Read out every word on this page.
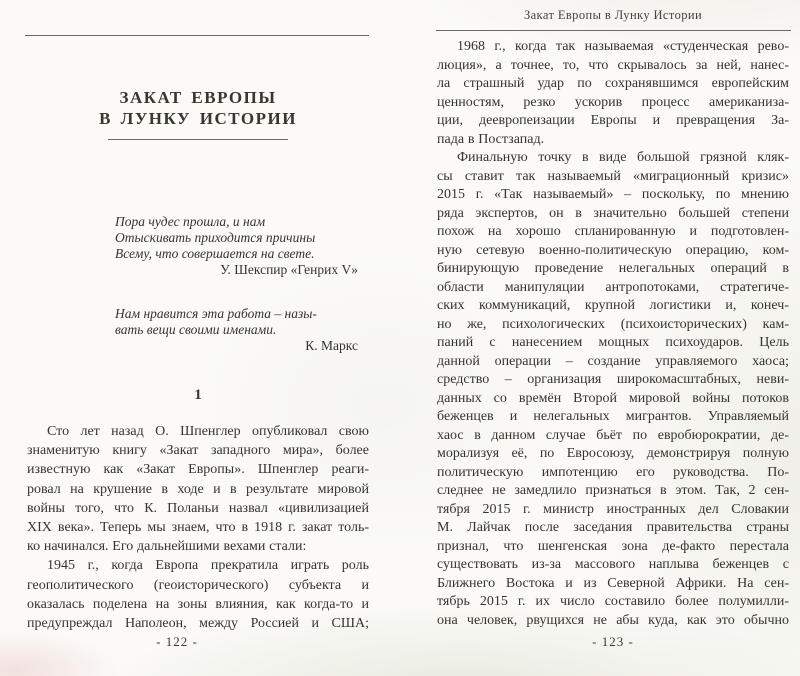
ЗАКАТ ЕВРОПЫ
В ЛУНКУ ИСТОРИИ
Пора чудес прошла, и нам
Отыскивать приходится причины
Всему, что совершается на свете.
У. Шекспир «Генрих V»
Нам нравится эта работа – назы-
вать вещи своими именами.
К. Маркс
1
Сто лет назад О. Шпенглер опубликовал свою
знаменитую книгу «Закат западного мира», более
известную как «Закат Европы». Шпенглер реаги-
ровал на крушение в ходе и в результате мировой
войны того, что К. Поланьи назвал «цивилизацией
XIX века». Теперь мы знаем, что в 1918 г. закат толь-
ко начинался. Его дальнейшими вехами стали:
1945 г., когда Европа прекратила играть роль
геополитического (геоисторического) субъекта и
оказалась поделена на зоны влияния, как когда-то и
предупреждал Наполеон, между Россией и США;
- 122 -
Закат Европы в Лунку Истории
1968 г., когда так называемая «студенческая рево-
люция», а точнее, то, что скрывалось за ней, нанес-
ла страшный удар по сохранявшимся европейским
ценностям, резко ускорив процесс американиза-
ции, деевропеизации Европы и превращения За-
пада в Постзапад.
Финальную точку в виде большой грязной кляк-
сы ставит так называемый «миграционный кризис»
2015 г. «Так называемый» – поскольку, по мнению
ряда экспертов, он в значительно большей степени
похож на хорошо спланированную и подготовлен-
ную сетевую военно-политическую операцию, ком-
бинирующую проведение нелегальных операций в
области манипуляции антропотоками, стратегиче-
ских коммуникаций, крупной логистики и, конеч-
но же, психологических (психоисторических) кам-
паний с нанесением мощных психоударов. Цель
данной операции – создание управляемого хаоса;
средство – организация широкомасштабных, неви-
данных со времён Второй мировой войны потоков
беженцев и нелегальных мигрантов. Управляемый
хаос в данном случае бьёт по евробюрократии, де-
морализуя её, по Евросоюзу, демонстрируя полную
политическую импотенцию его руководства. По-
следнее не замедлило признаться в этом. Так, 2 сен-
тября 2015 г. министр иностранных дел Словакии
М. Лайчак после заседания правительства страны
признал, что шенгенская зона де-факто перестала
существовать из-за массового наплыва беженцев с
Ближнего Востока и из Северной Африки. На сен-
тябрь 2015 г. их число составило более полумилли-
она человек, рвущихся не абы куда, как это обычно
- 123 -
